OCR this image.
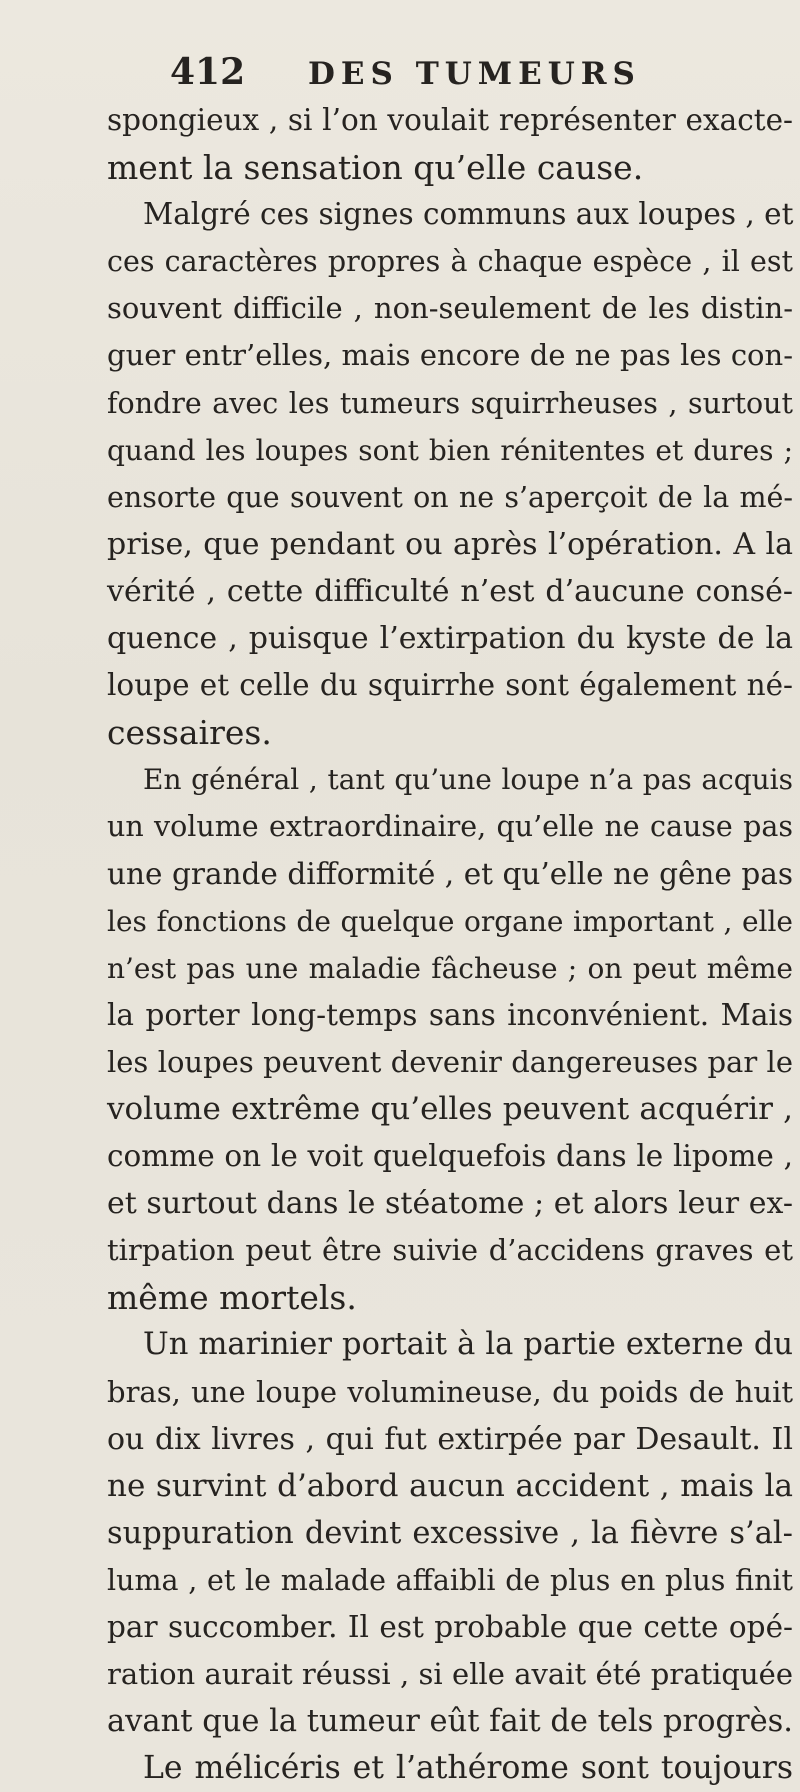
412 DES TUMEURS
spongieux , si l’on voulait représenter exacte-
ment la sensation qu’elle cause.
Malgré ces signes communs aux loupes , et
ces caractères propres à chaque espèce , il est
souvent difficile , non-seulement de les distin-
guer entr’elles, mais encore de ne pas les con-
fondre avec les tumeurs squirrheuses , surtout
quand les loupes sont bien rénitentes et dures ;
ensorte que souvent on ne s’aperçoit de la mé-
prise, que pendant ou après l’opération. A la
vérité , cette difficulté n’est d’aucune consé-
quence , puisque l’extirpation du kyste de la
loupe et celle du squirrhe sont également né-
cessaires.
En général , tant qu’une loupe n’a pas acquis
un volume extraordinaire, qu’elle ne cause pas
une grande difformité , et qu’elle ne gêne pas
les fonctions de quelque organe important , elle
n’est pas une maladie fâcheuse ; on peut même
la porter long-temps sans inconvénient. Mais
les loupes peuvent devenir dangereuses par le
volume extrême qu’elles peuvent acquérir ,
comme on le voit quelquefois dans le lipome ,
et surtout dans le stéatome ; et alors leur ex-
tirpation peut être suivie d’accidens graves et
même mortels.
Un marinier portait à la partie externe du
bras, une loupe volumineuse, du poids de huit
ou dix livres , qui fut extirpée par Desault. Il
ne survint d’abord aucun accident , mais la
suppuration devint excessive , la fièvre s’al-
luma , et le malade affaibli de plus en plus finit
par succomber. Il est probable que cette opé-
ration aurait réussi , si elle avait été pratiquée
avant que la tumeur eût fait de tels progrès.
Le mélicéris et l’athérome sont toujours
